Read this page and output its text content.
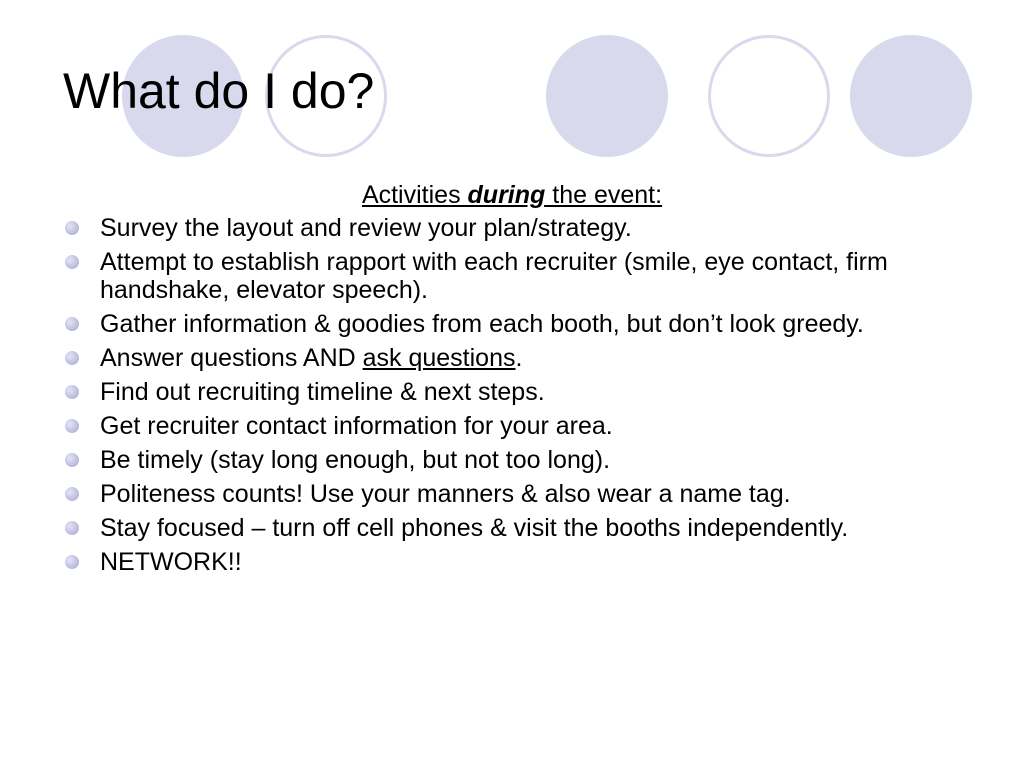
What do I do?
Activities during the event:
Survey the layout and review your plan/strategy.
Attempt to establish rapport with each recruiter (smile, eye contact, firm handshake, elevator speech).
Gather information & goodies from each booth, but don’t look greedy.
Answer questions AND ask questions.
Find out recruiting timeline & next steps.
Get recruiter contact information for your area.
Be timely (stay long enough, but not too long).
Politeness counts! Use your manners & also wear a name tag.
Stay focused – turn off cell phones & visit the booths independently.
NETWORK!!
